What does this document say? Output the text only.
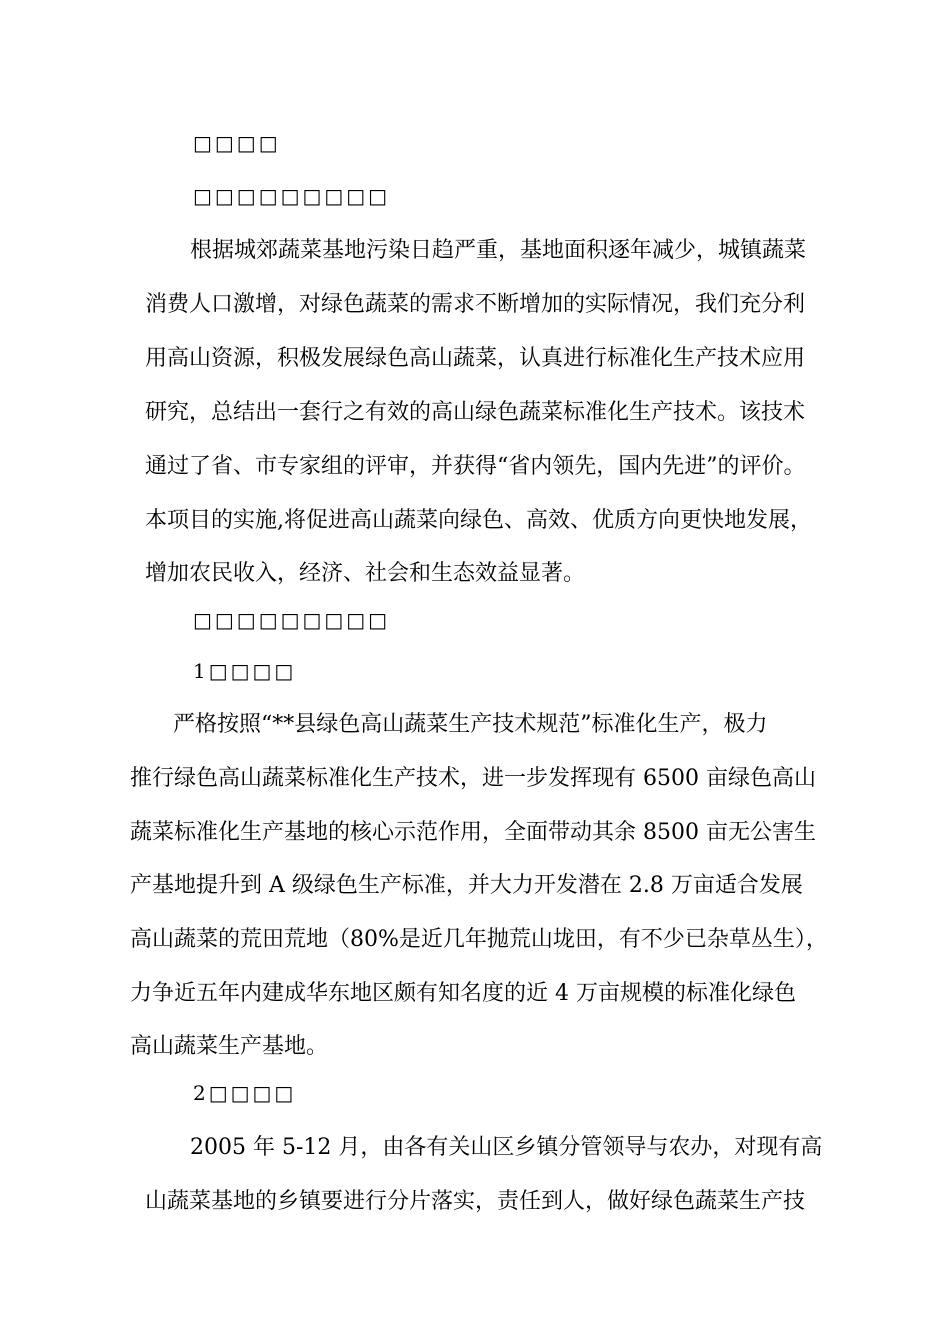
□□□□
□□□□□□□□□
根据城郊蔬菜基地污染日趋严重，基地面积逐年减少，城镇蔬菜
消费人口激增，对绿色蔬菜的需求不断增加的实际情况，我们充分利
用高山资源，积极发展绿色高山蔬菜，认真进行标准化生产技术应用
研究，总结出一套行之有效的高山绿色蔬菜标准化生产技术。该技术
通过了省、市专家组的评审，并获得“省内领先，国内先进”的评价。
本项目的实施,将促进高山蔬菜向绿色、高效、优质方向更快地发展，
增加农民收入，经济、社会和生态效益显著。
□□□□□□□□□
1□□□□
严格按照“**县绿色高山蔬菜生产技术规范”标准化生产，极力
推行绿色高山蔬菜标准化生产技术，进一步发挥现有 6500 亩绿色高山
蔬菜标准化生产基地的核心示范作用，全面带动其余 8500 亩无公害生
产基地提升到 A 级绿色生产标准，并大力开发潜在 2.8 万亩适合发展
高山蔬菜的荒田荒地（80%是近几年抛荒山垅田，有不少已杂草丛生），
力争近五年内建成华东地区颇有知名度的近 4 万亩规模的标准化绿色
高山蔬菜生产基地。
2□□□□
2005 年 5-12 月，由各有关山区乡镇分管领导与农办，对现有高
山蔬菜基地的乡镇要进行分片落实，责任到人，做好绿色蔬菜生产技
